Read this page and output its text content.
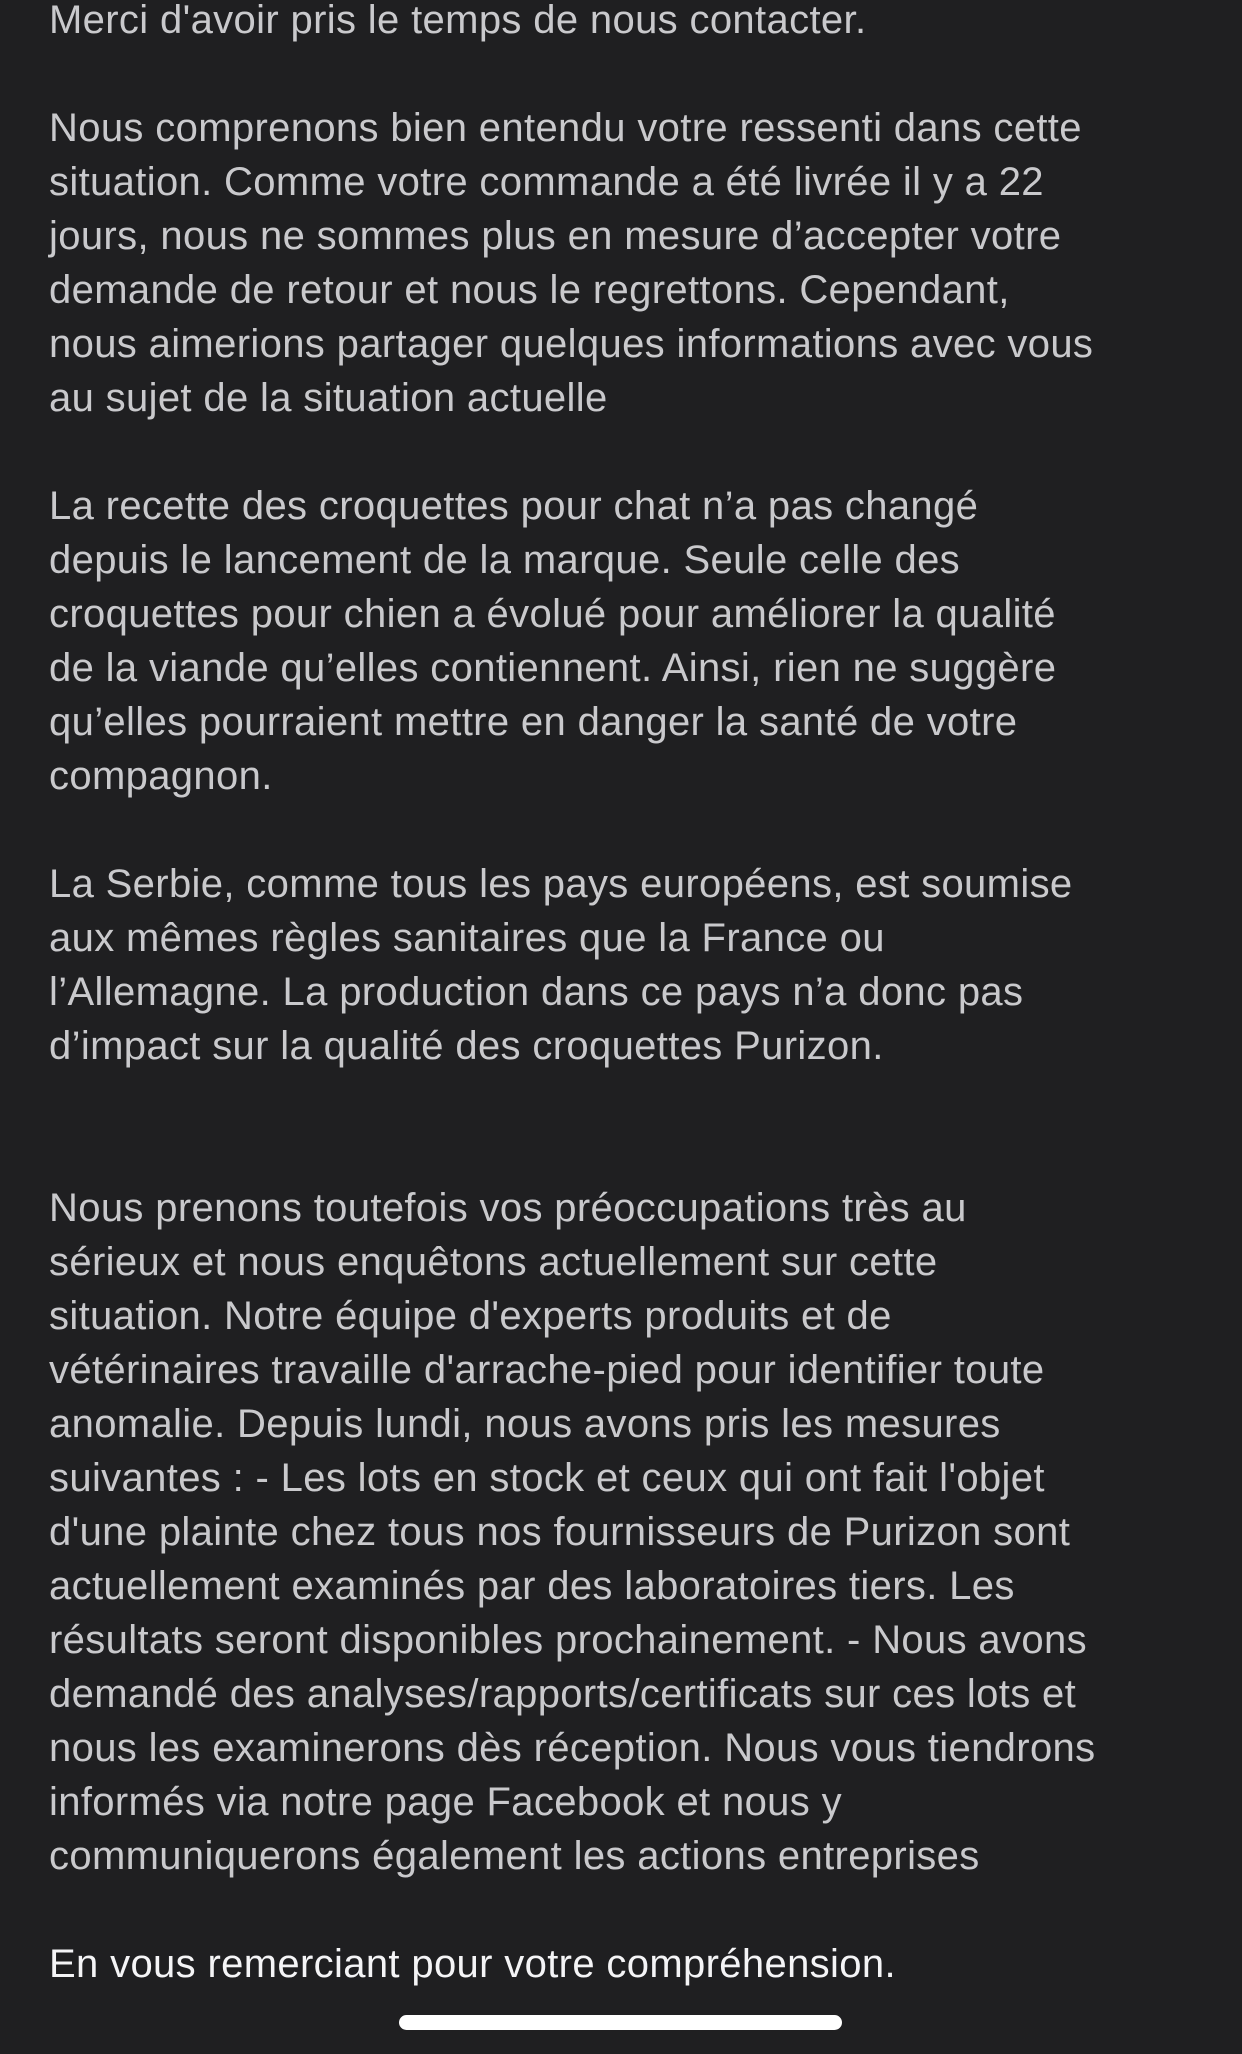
Merci d'avoir pris le temps de nous contacter.

Nous comprenons bien entendu votre ressenti dans cette
situation. Comme votre commande a été livrée il y a 22
jours, nous ne sommes plus en mesure d’accepter votre
demande de retour et nous le regrettons. Cependant,
nous aimerions partager quelques informations avec vous
au sujet de la situation actuelle

La recette des croquettes pour chat n’a pas changé
depuis le lancement de la marque. Seule celle des
croquettes pour chien a évolué pour améliorer la qualité
de la viande qu’elles contiennent. Ainsi, rien ne suggère
qu’elles pourraient mettre en danger la santé de votre
compagnon.

La Serbie, comme tous les pays européens, est soumise
aux mêmes règles sanitaires que la France ou
l’Allemagne. La production dans ce pays n’a donc pas
d’impact sur la qualité des croquettes Purizon.

Nous prenons toutefois vos préoccupations très au
sérieux et nous enquêtons actuellement sur cette
situation. Notre équipe d'experts produits et de
vétérinaires travaille d'arrache-pied pour identifier toute
anomalie. Depuis lundi, nous avons pris les mesures
suivantes : - Les lots en stock et ceux qui ont fait l'objet
d'une plainte chez tous nos fournisseurs de Purizon sont
actuellement examinés par des laboratoires tiers. Les
résultats seront disponibles prochainement. - Nous avons
demandé des analyses/rapports/certificats sur ces lots et
nous les examinerons dès réception. Nous vous tiendrons
informés via notre page Facebook et nous y
communiquerons également les actions entreprises

En vous remerciant pour votre compréhension.
